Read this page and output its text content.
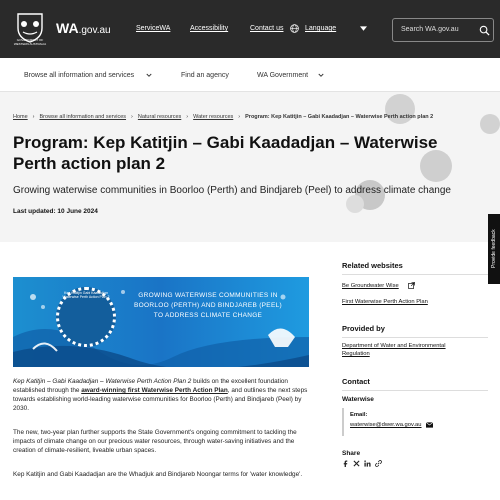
GOVERNMENT OF WESTERN AUSTRALIA
WA.gov.au	ServiceWA	Accessibility	Contact us	Language	Search WA.gov.au
Browse all information and services	Find an agency	WA Government
Home › Browse all information and services › Natural resources › Water resources › Program: Kep Katitjin – Gabi Kaadadjan – Waterwise Perth action plan 2
Program: Kep Katitjin – Gabi Kaadadjan – Waterwise Perth action plan 2
Growing waterwise communities in Boorloo (Perth) and Bindjareb (Peel) to address climate change
Last updated: 10 June 2024
Provide feedback
Kep Katitjin Gabi Kaadadjan Waterwise Perth Action Plan 2	GROWING WATERWISE COMMUNITIES IN BOORLOO (PERTH) AND BINDJAREB (PEEL) TO ADDRESS CLIMATE CHANGE

Kep Katitjin – Gabi Kaadadjan – Waterwise Perth Action Plan 2 builds on the excellent foundation established through the award-winning first Waterwise Perth Action Plan, and outlines the next steps towards establishing world-leading waterwise communities for Boorloo (Perth) and Bindjareb (Peel) by 2030.

The new, two-year plan further supports the State Government's ongoing commitment to tackling the impacts of climate change on our precious water resources, through water-saving initiatives and the creation of climate-resilient, liveable urban spaces.

Kep Katitjin and Gabi Kaadadjan are the Whadjuk and Bindjareb Noongar terms for 'water knowledge'.

Related websites
Be Groundwater Wise
First Waterwise Perth Action Plan
Provided by
Department of Water and Environmental Regulation
Contact
Waterwise
Email:
waterwise@dwer.wa.gov.au
Share
